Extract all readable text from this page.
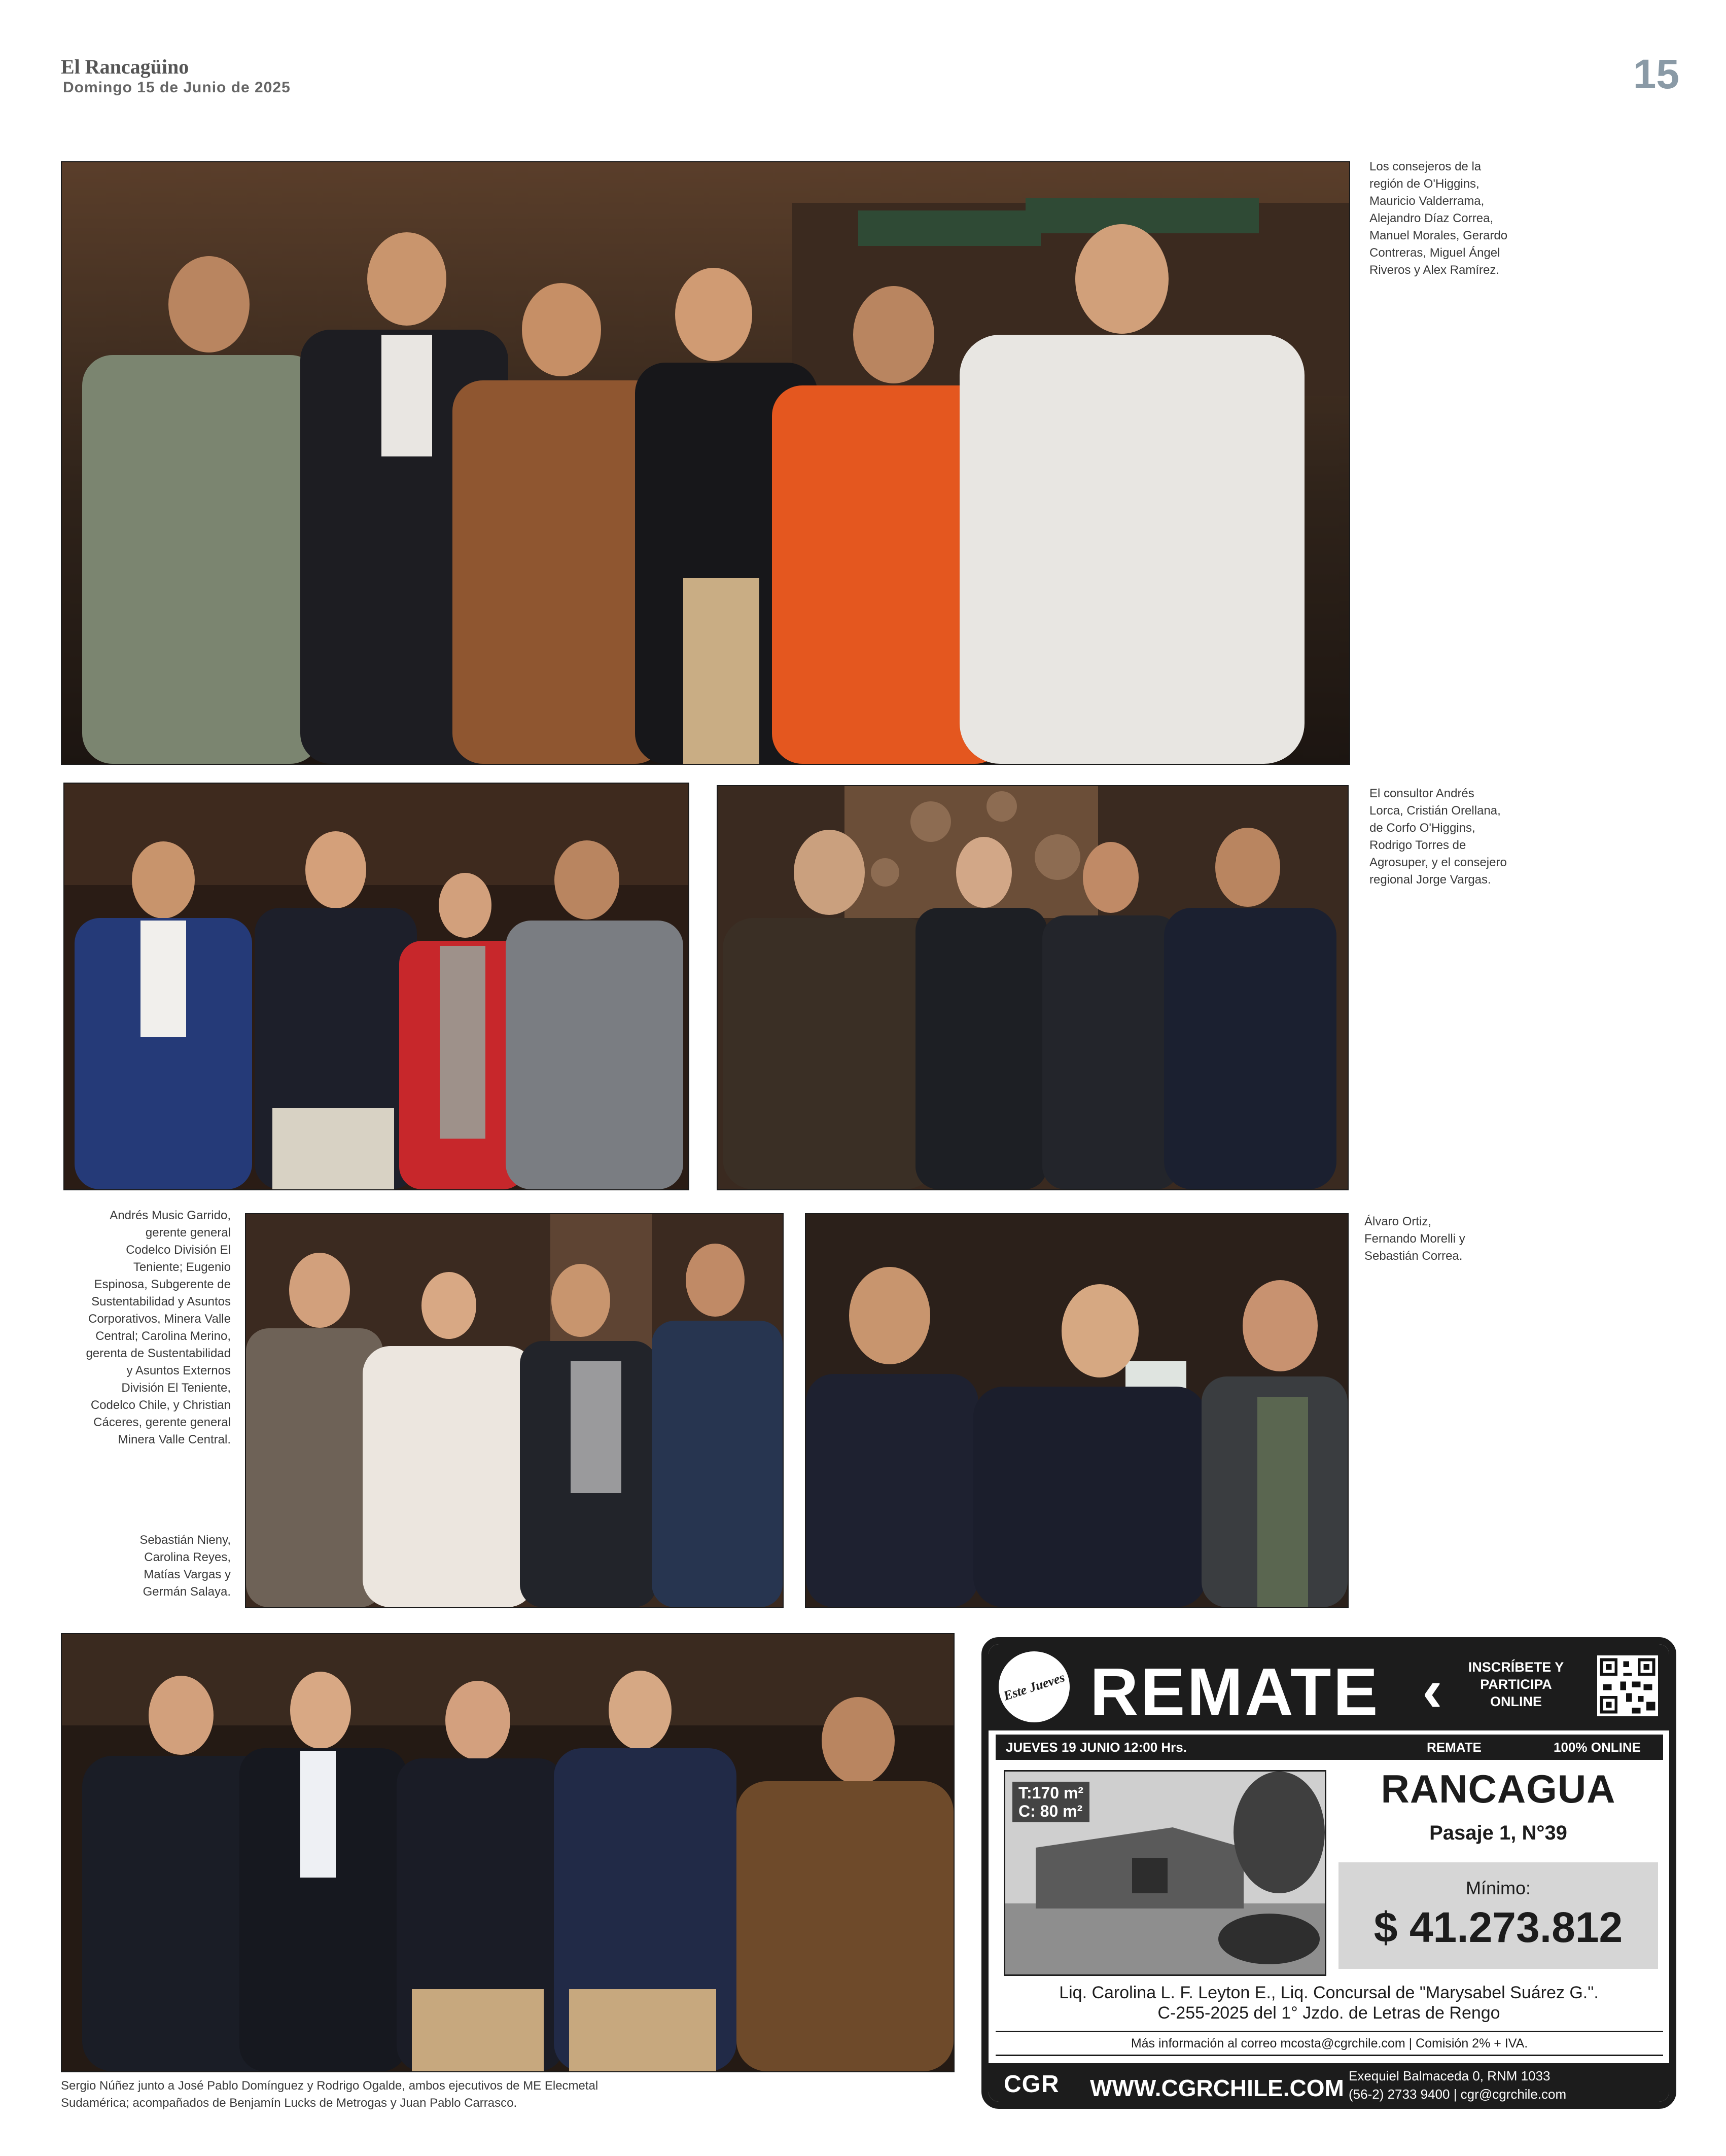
El Rancagüino
Domingo 15 de Junio de 2025	15
Los consejeros de la
región de O'Higgins,
Mauricio Valderrama,
Alejandro Díaz Correa,
Manuel Morales, Gerardo
Contreras, Miguel Ángel
Riveros y Alex Ramírez.
El consultor Andrés
Lorca, Cristián Orellana,
de Corfo O'Higgins,
Rodrigo Torres de
Agrosuper, y el consejero
regional Jorge Vargas.
Andrés Music Garrido,
gerente general
Codelco División El
Teniente; Eugenio
Espinosa, Subgerente de
Sustentabilidad y Asuntos
Corporativos, Minera Valle
Central; Carolina Merino,
gerenta de Sustentabilidad
y Asuntos Externos
División El Teniente,
Codelco Chile, y Christian
Cáceres, gerente general
Minera Valle Central.
Sebastián Nieny,
Carolina Reyes,
Matías Vargas y
Germán Salaya.
Álvaro Ortiz,
Fernando Morelli y
Sebastián Correa.
Sergio Núñez junto a José Pablo Domínguez y Rodrigo Ogalde, ambos ejecutivos de ME Elecmetal
Sudamérica; acompañados de Benjamín Lucks de Metrogas y Juan Pablo Carrasco.
Este Jueves REMATE ‹	INSCRÍBETE Y
PARTICIPA
ONLINE
JUEVES 19 JUNIO 12:00 Hrs.	REMATE	100% ONLINE
T:170 m²
C: 80 m²	RANCAGUA
Pasaje 1, N°39
Mínimo:
$ 41.273.812
Liq. Carolina L. F. Leyton E., Liq. Concursal de "Marysabel Suárez G.".
C-255-2025 del 1° Jzdo. de Letras de Rengo
Más información al correo mcosta@cgrchile.com | Comisión 2% + IVA.
CGR WWW.CGRCHILE.COM Exequiel Balmaceda 0, RNM 1033
(56-2) 2733 9400 | cgr@cgrchile.com
